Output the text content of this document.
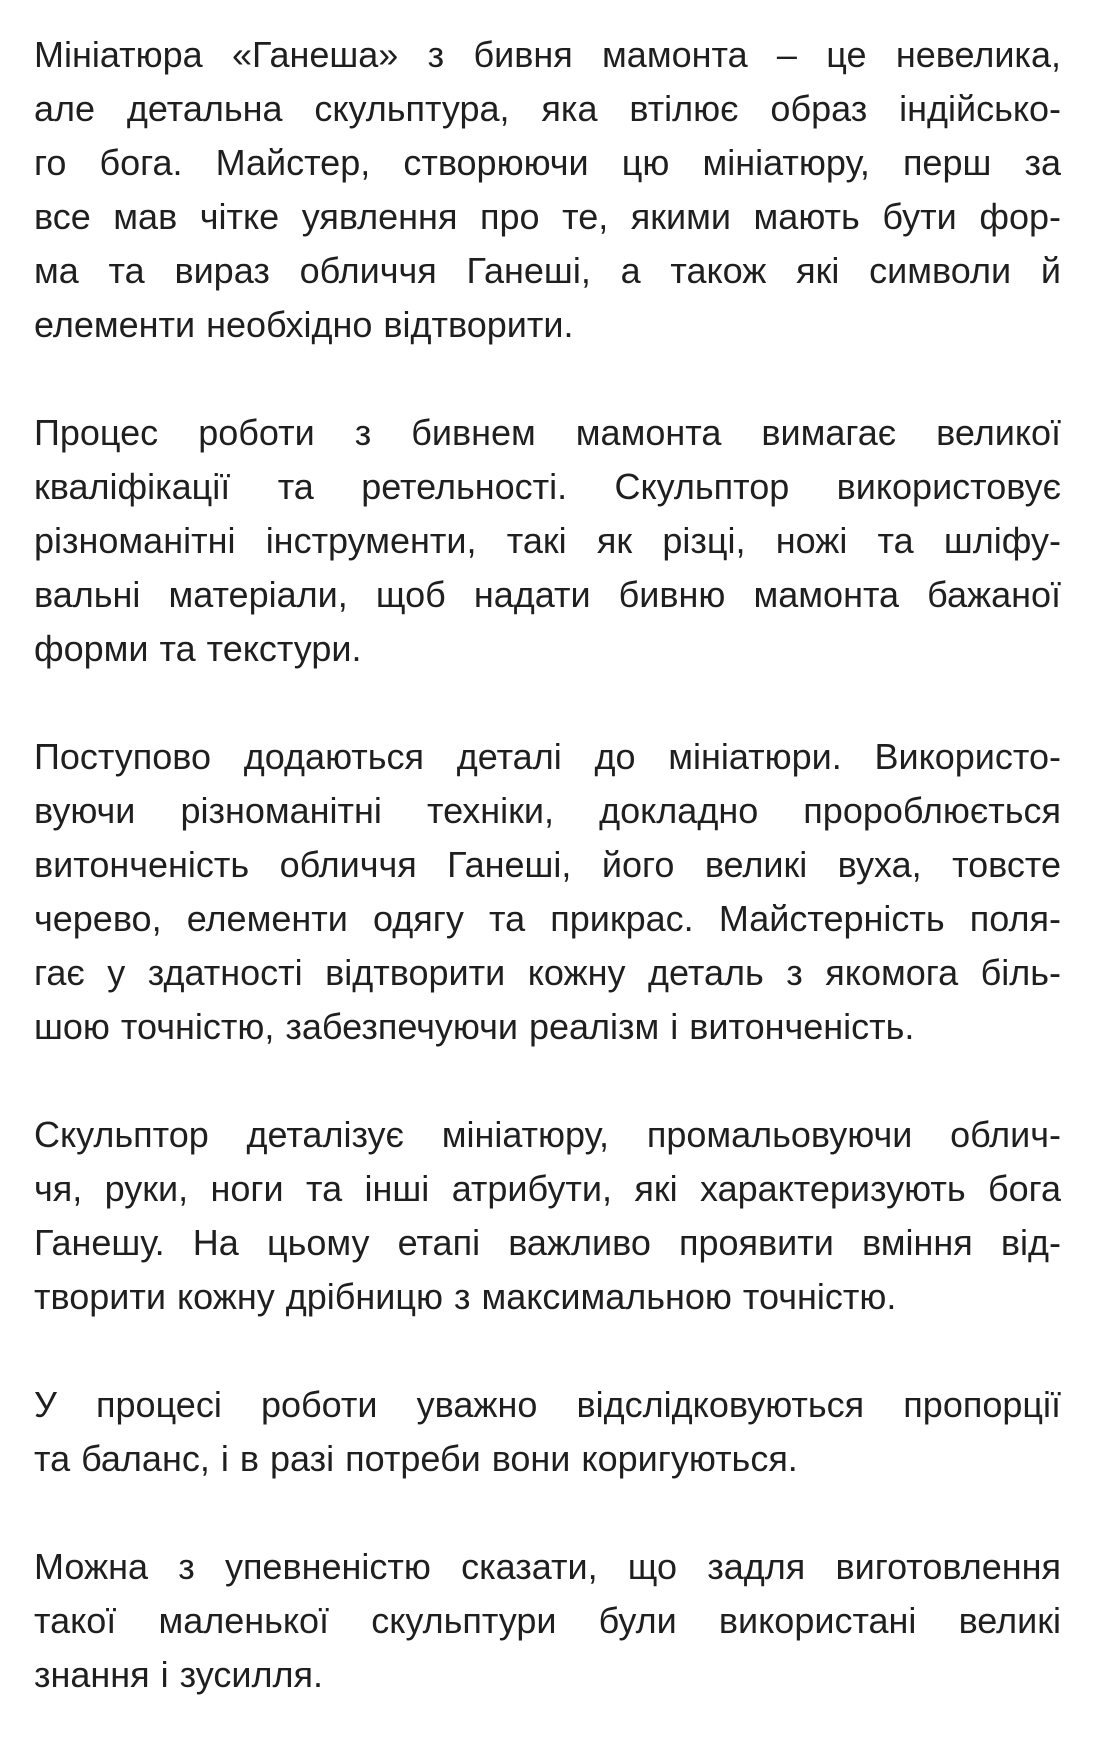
Мініатюра «Ганеша» з бивня мамонта – це невелика,
але детальна скульптура, яка втілює образ індійсько-
го бога. Майстер, створюючи цю мініатюру, перш за
все мав чітке уявлення про те, якими мають бути фор-
ма та вираз обличчя Ганеші, а також які символи й
елементи необхідно відтворити.

Процес роботи з бивнем мамонта вимагає великої
кваліфікації та ретельності. Скульптор використовує
різноманітні інструменти, такі як різці, ножі та шліфу-
вальні матеріали, щоб надати бивню мамонта бажаної
форми та текстури.

Поступово додаються деталі до мініатюри. Використо-
вуючи різноманітні техніки, докладно пророблюється
витонченість обличчя Ганеші, його великі вуха, товсте
черево, елементи одягу та прикрас. Майстерність поля-
гає у здатності відтворити кожну деталь з якомога біль-
шою точністю, забезпечуючи реалізм і витонченість.

Скульптор деталізує мініатюру, промальовуючи облич-
чя, руки, ноги та інші атрибути, які характеризують бога
Ганешу. На цьому етапі важливо проявити вміння від-
творити кожну дрібницю з максимальною точністю.

У процесі роботи уважно відслідковуються пропорції
та баланс, і в разі потреби вони коригуються.

Можна з упевненістю сказати, що задля виготовлення
такої маленької скульптури були використані великі
знання і зусилля.
